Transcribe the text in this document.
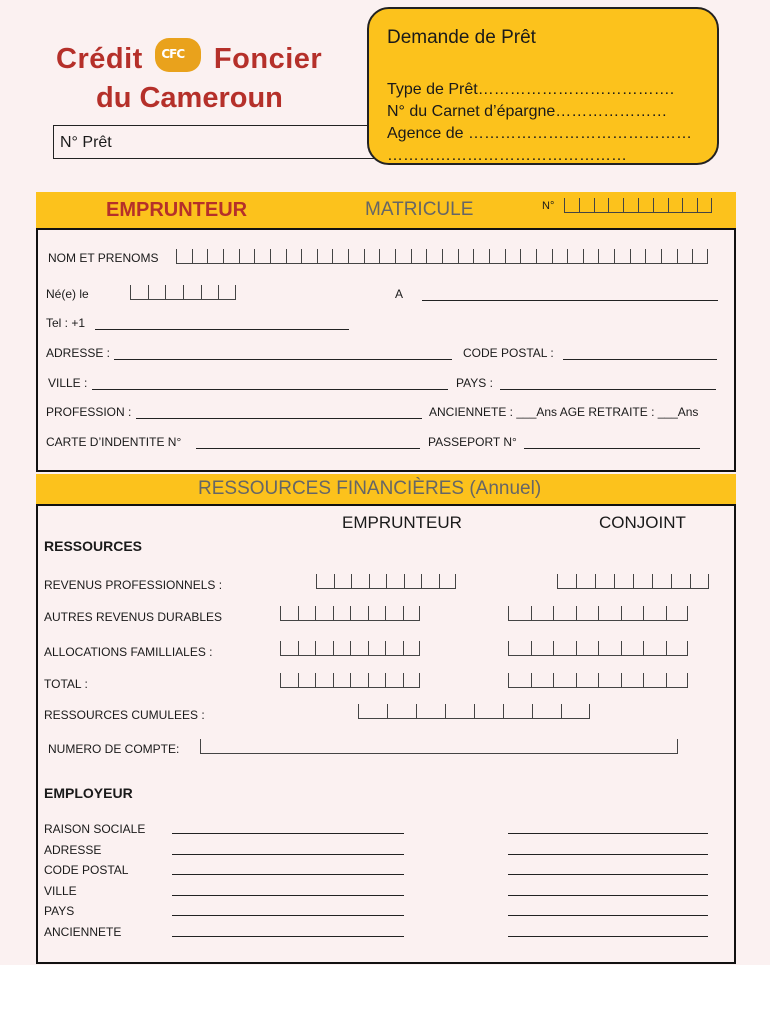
Crédit CFC Foncier
du Cameroun
N° Prêt
Demande de Prêt
Type de Prêt……………………………….
N° du Carnet d’épargne…………………
Agence de ……………………………………
………………………………………
EMPRUNTEUR	MATRICULE	N°
NOM ET PRENOMS
Né(e) le	A
Tel : +1
ADRESSE :	CODE POSTAL :
VILLE :	PAYS :
PROFESSION :	ANCIENNETE : ___Ans AGE RETRAITE : ___Ans
CARTE D’INDENTITE N°	PASSEPORT N°
RESSOURCES FINANCIÈRES (Annuel)
EMPRUNTEUR	CONJOINT
RESSOURCES
REVENUS PROFESSIONNELS :
AUTRES REVENUS DURABLES
ALLOCATIONS FAMILLIALES :
TOTAL :
RESSOURCES CUMULEES :
NUMERO DE COMPTE:
EMPLOYEUR
RAISON SOCIALE
ADRESSE
CODE POSTAL
VILLE
PAYS
ANCIENNETE
